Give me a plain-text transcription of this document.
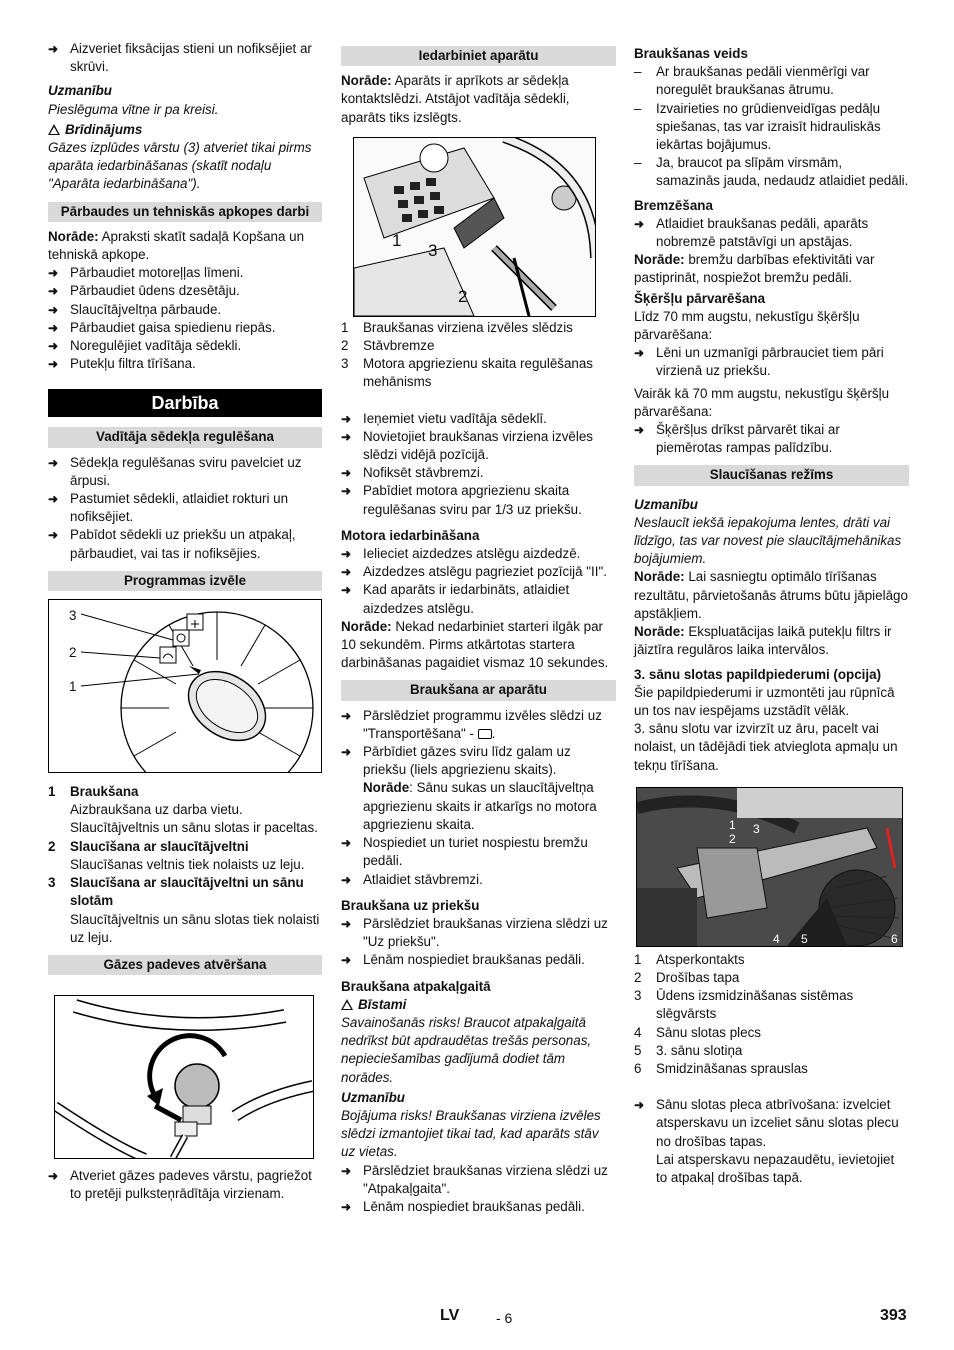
➜ Aizveriet fiksācijas stieni un nofiksējiet ar skrūvi.

Uzmanību

Pieslēguma vītne ir pa kreisi.

Brīdinājums

Gāzes izplūdes vārstu (3) atveriet tikai pirms aparāta iedarbināšanas (skatīt nodaļu "Aparāta iedarbināšana").

Pārbaudes un tehniskās apkopes darbi

Norāde: Apraksti skatīt sadaļā Kopšana un tehniskā apkope.

➜ Pārbaudiet motoreļļas līmeni.

➜ Pārbaudiet ūdens dzesētāju.

➜ Slaucītājveltņa pārbaude.

➜ Pārbaudiet gaisa spiedienu riepās.

➜ Noregulējiet vadītāja sēdekli.

➜ Putekļu filtra tīrīšana.

Darbība
Vadītāja sēdekļa regulēšana

➜ Sēdekļa regulēšanas sviru pavelciet uz ārpusi.

➜ Pastumiet sēdekli, atlaidiet rokturi un nofiksējiet.

➜ Pabīdot sēdekli uz priekšu un atpakaļ, pārbaudiet, vai tas ir nofiksējies.

Programmas izvēle
3
2
1

1 Braukšana

Aizbraukšana uz darba vietu. Slaucītājveltnis un sānu slotas ir paceltas.

2 Slaucīšana ar slaucītājveltni

Slaucīšanas veltnis tiek nolaists uz leju.

3 Slaucīšana ar slaucītājveltni un sānu slotām

Slaucītājveltnis un sānu slotas tiek nolaisti uz leju.

Gāzes padeves atvēršana

➜ Atveriet gāzes padeves vārstu, pagriežot to pretēji pulksteņrādītāja virzienam.

Iedarbiniet aparātu

Norāde: Aparāts ir aprīkots ar sēdekļa kontaktslēdzi. Atstājot vadītāja sēdekli, aparāts tiks izslēgts.

1
3
2

1 Braukšanas virziena izvēles slēdzis

2 Stāvbremze

3 Motora apgriezienu skaita regulēšanas mehānisms

➜ Ieņemiet vietu vadītāja sēdeklī.

➜ Novietojiet braukšanas virziena izvēles slēdzi vidējā pozīcijā.

➜ Nofiksēt stāvbremzi.

➜ Pabīdiet motora apgriezienu skaita regulēšanas sviru par 1/3 uz priekšu.

Motora iedarbināšana

➜ Ielieciet aizdedzes atslēgu aizdedzē.

➜ Aizdedzes atslēgu pagrieziet pozīcijā "II".

➜ Kad aparāts ir iedarbināts, atlaidiet aizdedzes atslēgu.

Norāde: Nekad nedarbiniet starteri ilgāk par 10 sekundēm. Pirms atkārtotas startera darbināšanas pagaidiet vismaz 10 sekundes.

Braukšana ar aparātu

➜ Pārslēdziet programmu izvēles slēdzi uz "Transportēšana" - .

➜ Pārbīdiet gāzes sviru līdz galam uz priekšu (liels apgriezienu skaits).

Norāde: Sānu sukas un slaucītājveltņa apgriezienu skaits ir atkarīgs no motora apgriezienu skaita.

➜ Nospiediet un turiet nospiestu bremžu pedāli.

➜ Atlaidiet stāvbremzi.

Braukšana uz priekšu

➜ Pārslēdziet braukšanas virziena slēdzi uz "Uz priekšu".

➜ Lēnām nospiediet braukšanas pedāli.

Braukšana atpakaļgaitā

Bīstami

Savainošanās risks! Braucot atpakaļgaitā nedrīkst būt apdraudētas trešās personas, nepieciešamības gadījumā dodiet tām norādes.

Uzmanību

Bojājuma risks! Braukšanas virziena izvēles slēdzi izmantojiet tikai tad, kad aparāts stāv uz vietas.

➜ Pārslēdziet braukšanas virziena slēdzi uz "Atpakaļgaita".

➜ Lēnām nospiediet braukšanas pedāli.

Braukšanas veids

– Ar braukšanas pedāli vienmērīgi var noregulēt braukšanas ātrumu.

– Izvairieties no grūdienveidīgas pedāļu spiešanas, tas var izraisīt hidrauliskās iekārtas bojājumus.

– Ja, braucot pa slīpām virsmām, samazinās jauda, nedaudz atlaidiet pedāli.

Bremzēšana

➜ Atlaidiet braukšanas pedāli, aparāts nobremzē patstāvīgi un apstājas.

Norāde: bremžu darbības efektivitāti var pastiprināt, nospiežot bremžu pedāli.

Šķēršļu pārvarēšana

Līdz 70 mm augstu, nekustīgu šķēršļu pārvarēšana:

➜ Lēni un uzmanīgi pārbrauciet tiem pāri virzienā uz priekšu.

Vairāk kā 70 mm augstu, nekustīgu šķēršļu pārvarēšana:

➜ Šķēršļus drīkst pārvarēt tikai ar piemērotas rampas palīdzību.

Slaucīšanas režīms

Uzmanību

Neslaucīt iekšā iepakojuma lentes, drāti vai līdzīgo, tas var novest pie slaucītājmehānikas bojājumiem.

Norāde: Lai sasniegtu optimālo tīrīšanas rezultātu, pārvietošanās ātrums būtu jāpielāgo apstākļiem.

Norāde: Ekspluatācijas laikā putekļu filtrs ir jāiztīra regulāros laika intervālos.

3. sānu slotas papildpiederumi (opcija)

Šie papildpiederumi ir uzmontēti jau rūpnīcā un tos nav iespējams uzstādīt vēlāk.

3. sānu slotu var izvirzīt uz āru, pacelt vai nolaist, un tādējādi tiek atvieglota apmaļu un tekņu tīrīšana.

1
2
3
4 5	6

1 Atsperkontakts

2 Drošības tapa

3 Ūdens izsmidzināšanas sistēmas slēgvārsts

4 Sānu slotas plecs

5 3. sānu slotiņa

6 Smidzināšanas sprauslas

➜ Sānu slotas pleca atbrīvošana: izvelciet atsperskavu un izceliet sānu slotas plecu no drošības tapas.

Lai atsperskavu nepazaudētu, ievietojiet to atpakaļ drošības tapā.

LV	- 6	393
